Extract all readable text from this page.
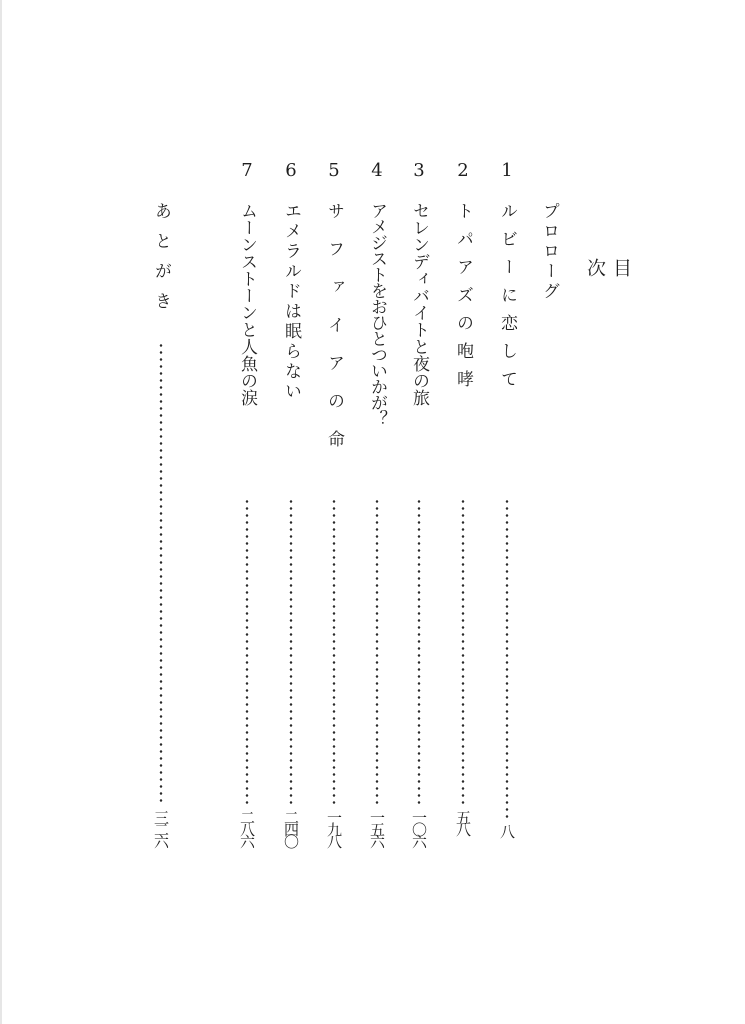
目次
プロローグ
1
ルビーに恋して
八
2
トパアズの咆哮
五八
3
セレンディバイトと夜の旅
一〇六
4
アメジストをおひとついかが？
一五六
5
サファイアの命
一九八
6
エメラルドは眠らない
二四〇
7
ムーンストーンと人魚の涙
二八六
あとがき
三二六
